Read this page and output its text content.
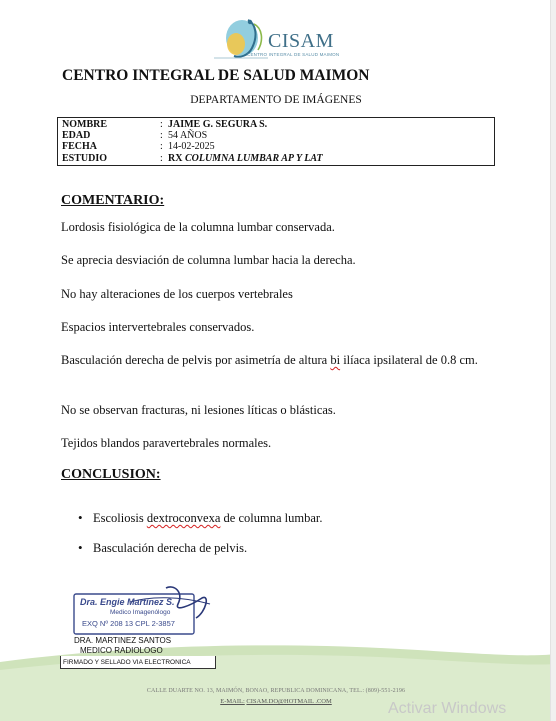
CISAM
CENTRO INTEGRAL DE SALUD MAIMON
CENTRO INTEGRAL DE SALUD MAIMON
DEPARTAMENTO DE IMÁGENES
NOMBRE	: JAIME G. SEGURA S.
EDAD	: 54 AÑOS
FECHA	: 14-02-2025
ESTUDIO	: RX COLUMNA LUMBAR AP Y LAT
COMENTARIO:
Lordosis fisiológica de la columna lumbar conservada.
Se aprecia desviación de columna lumbar hacia la derecha.
No hay alteraciones de los cuerpos vertebrales
Espacios intervertebrales conservados.
Basculación derecha de pelvis por asimetría de altura bi ilíaca ipsilateral de 0.8 cm.
No se observan fracturas, ni lesiones líticas o blásticas.
Tejidos blandos paravertebrales normales.
CONCLUSION:
• Escoliosis dextroconvexa de columna lumbar.
• Basculación derecha de pelvis.
Dra. Engie Martinez S.
Medico Imagenólogo
EXQ Nº 208 13 CPL 2-3857
DRA. MARTINEZ SANTOS
MEDICO RADIOLOGO
FIRMADO Y SELLADO VIA ELECTRONICA
CALLE DUARTE NO. 13, MAIMÓN, BONAO, REPUBLICA DOMINICANA, TEL.: (809)-551-2196
E-MAIL: CISAM.DO@HOTMAIL .COM	Activar Windows
